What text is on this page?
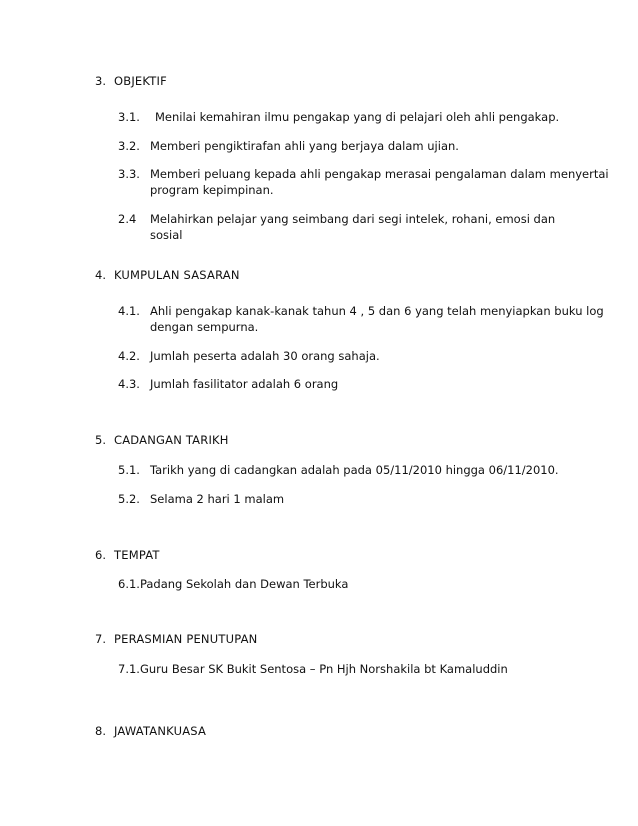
3. OBJEKTIF
3.1. Menilai kemahiran ilmu pengakap yang di pelajari oleh ahli pengakap.
3.2. Memberi pengiktirafan ahli yang berjaya dalam ujian.
3.3. Memberi peluang kepada ahli pengakap merasai pengalaman dalam menyertai
program kepimpinan.
2.4 Melahirkan pelajar yang seimbang dari segi intelek, rohani, emosi dan
sosial
4. KUMPULAN SASARAN
4.1. Ahli pengakap kanak-kanak tahun 4 , 5 dan 6 yang telah menyiapkan buku log
dengan sempurna.
4.2. Jumlah peserta adalah 30 orang sahaja.
4.3. Jumlah fasilitator adalah 6 orang
5. CADANGAN TARIKH
5.1. Tarikh yang di cadangkan adalah pada 05/11/2010 hingga 06/11/2010.
5.2. Selama 2 hari 1 malam
6. TEMPAT
6.1.Padang Sekolah dan Dewan Terbuka
7. PERASMIAN PENUTUPAN
7.1.Guru Besar SK Bukit Sentosa – Pn Hjh Norshakila bt Kamaluddin
8. JAWATANKUASA
